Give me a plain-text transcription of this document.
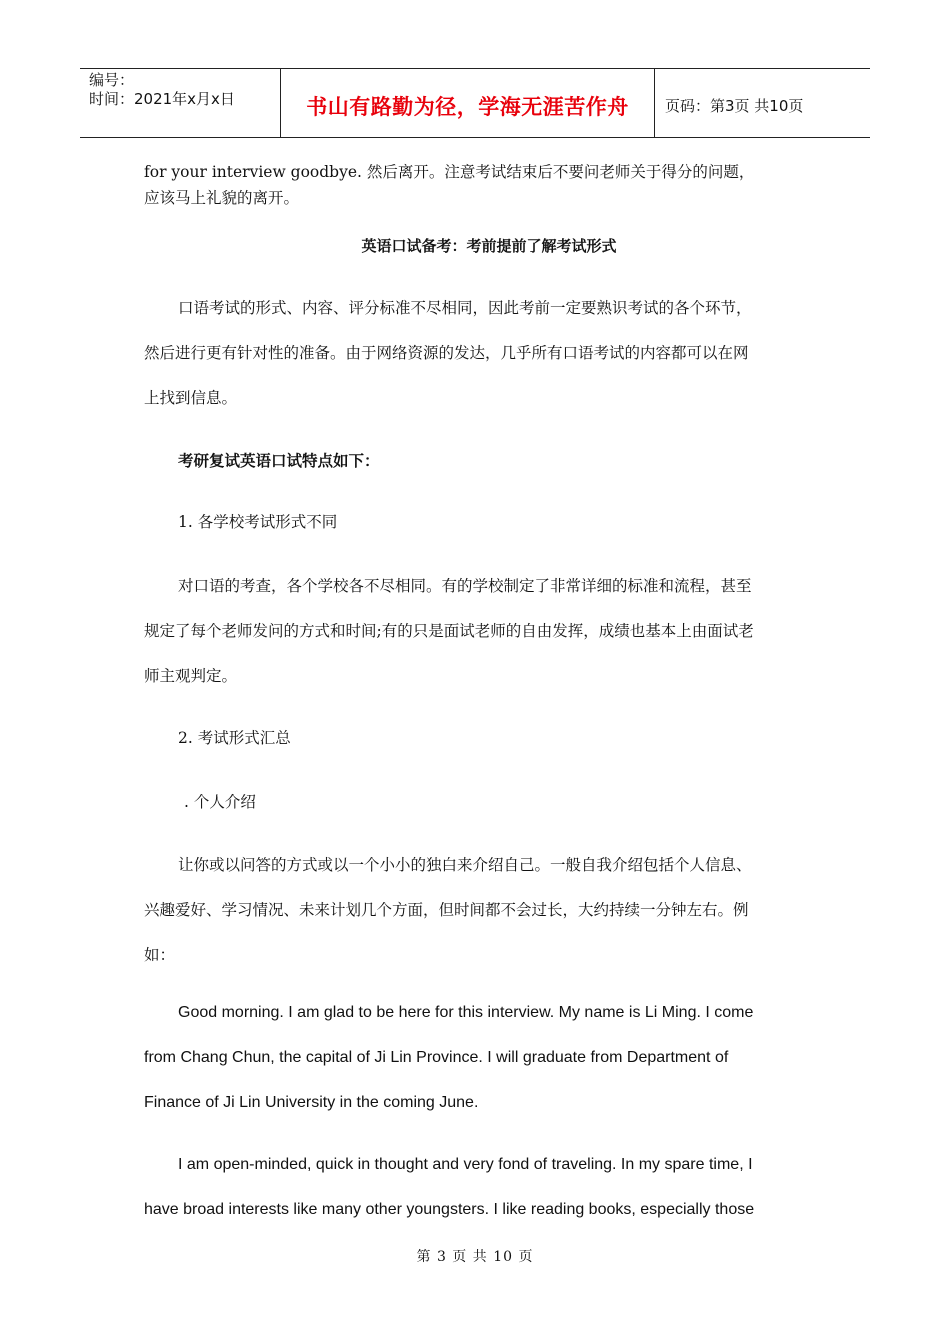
编号：
时间：2021年x月x日	书山有路勤为径，学海无涯苦作舟 页码：第3页 共10页
for your interview goodbye. 然后离开。注意考试结束后不要问老师关于得分的问题，
应该马上礼貌的离开。
英语口试备考：考前提前了解考试形式
口语考试的形式、内容、评分标准不尽相同，因此考前一定要熟识考试的各个环节，
然后进行更有针对性的准备。由于网络资源的发达，几乎所有口语考试的内容都可以在网
上找到信息。
考研复试英语口试特点如下：
1. 各学校考试形式不同
对口语的考查，各个学校各不尽相同。有的学校制定了非常详细的标准和流程，甚至
规定了每个老师发问的方式和时间;有的只是面试老师的自由发挥，成绩也基本上由面试老
师主观判定。
2. 考试形式汇总
. 个人介绍
让你或以问答的方式或以一个小小的独白来介绍自己。一般自我介绍包括个人信息、
兴趣爱好、学习情况、未来计划几个方面，但时间都不会过长，大约持续一分钟左右。例
如：
Good morning. I am glad to be here for this interview. My name is Li Ming. I come
from Chang Chun, the capital of Ji Lin Province. I will graduate from Department of
Finance of Ji Lin University in the coming June.
I am open-minded, quick in thought and very fond of traveling. In my spare time, I
have broad interests like many other youngsters. I like reading books, especially those
第 3 页 共 10 页
